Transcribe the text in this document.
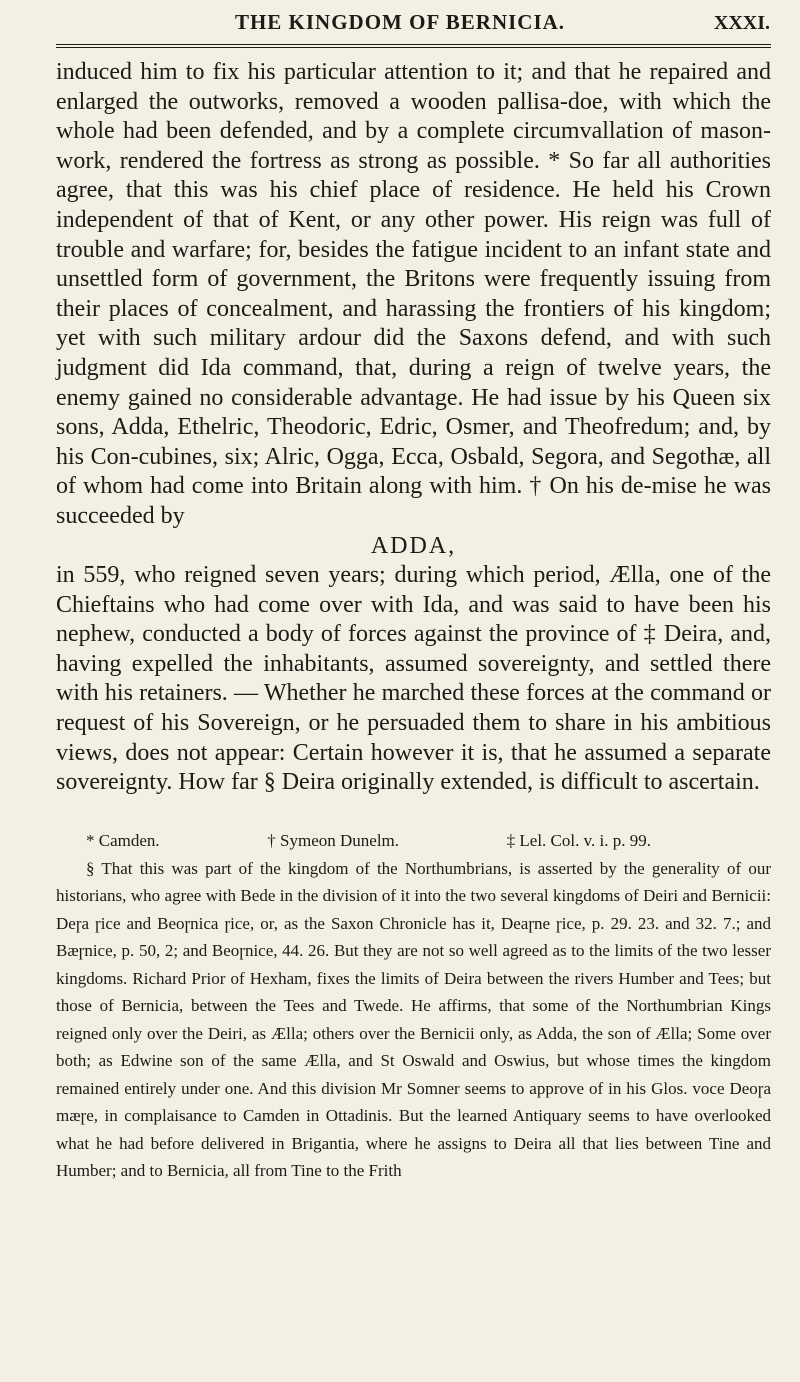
THE KINGDOM OF BERNICIA.	XXXI.

induced him to fix his particular attention to it; and that he repaired and enlarged the outworks, removed a wooden pallisa-doe, with which the whole had been defended, and by a complete circumvallation of mason-work, rendered the fortress as strong as possible. * So far all authorities agree, that this was his chief place of residence. He held his Crown independent of that of Kent, or any other power. His reign was full of trouble and warfare; for, besides the fatigue incident to an infant state and unsettled form of government, the Britons were frequently issuing from their places of concealment, and harassing the frontiers of his kingdom; yet with such military ardour did the Saxons defend, and with such judgment did Ida command, that, during a reign of twelve years, the enemy gained no considerable advantage. He had issue by his Queen six sons, Adda, Ethelric, Theodoric, Edric, Osmer, and Theofredum; and, by his Con-cubines, six; Alric, Ogga, Ecca, Osbald, Segora, and Segothæ, all of whom had come into Britain along with him. † On his de-mise he was succeeded by

ADDA,

in 559, who reigned seven years; during which period, Ælla, one of the Chieftains who had come over with Ida, and was said to have been his nephew, conducted a body of forces against the province of ‡ Deira, and, having expelled the inhabitants, assumed sovereignty, and settled there with his retainers. — Whether he marched these forces at the command or request of his Sovereign, or he persuaded them to share in his ambitious views, does not appear: Certain however it is, that he assumed a separate sovereignty. How far § Deira originally extended, is difficult to ascertain.

* Camden.	† Symeon Dunelm.	‡ Lel. Col. v. i. p. 99.

§ That this was part of the kingdom of the Northumbrians, is asserted by the generality of our historians, who agree with Bede in the division of it into the two several kingdoms of Deiri and Bernicii: Deɼa ɼice and Beoɼnica ɼice, or, as the Saxon Chronicle has it, Deaɼne ɼice, p. 29. 23. and 32. 7.; and Bæɼnice, p. 50, 2; and Beoɼnice, 44. 26. But they are not so well agreed as to the limits of the two lesser kingdoms. Richard Prior of Hexham, fixes the limits of Deira between the rivers Humber and Tees; but those of Bernicia, between the Tees and Twede. He affirms, that some of the Northumbrian Kings reigned only over the Deiri, as Ælla; others over the Bernicii only, as Adda, the son of Ælla; Some over both; as Edwine son of the same Ælla, and St Oswald and Oswius, but whose times the kingdom remained entirely under one. And this division Mr Somner seems to approve of in his Glos. voce Deoɼa mæɼe, in complaisance to Camden in Ottadinis. But the learned Antiquary seems to have overlooked what he had before delivered in Brigantia, where he assigns to Deira all that lies between Tine and Humber; and to Bernicia, all from Tine to the Frith
